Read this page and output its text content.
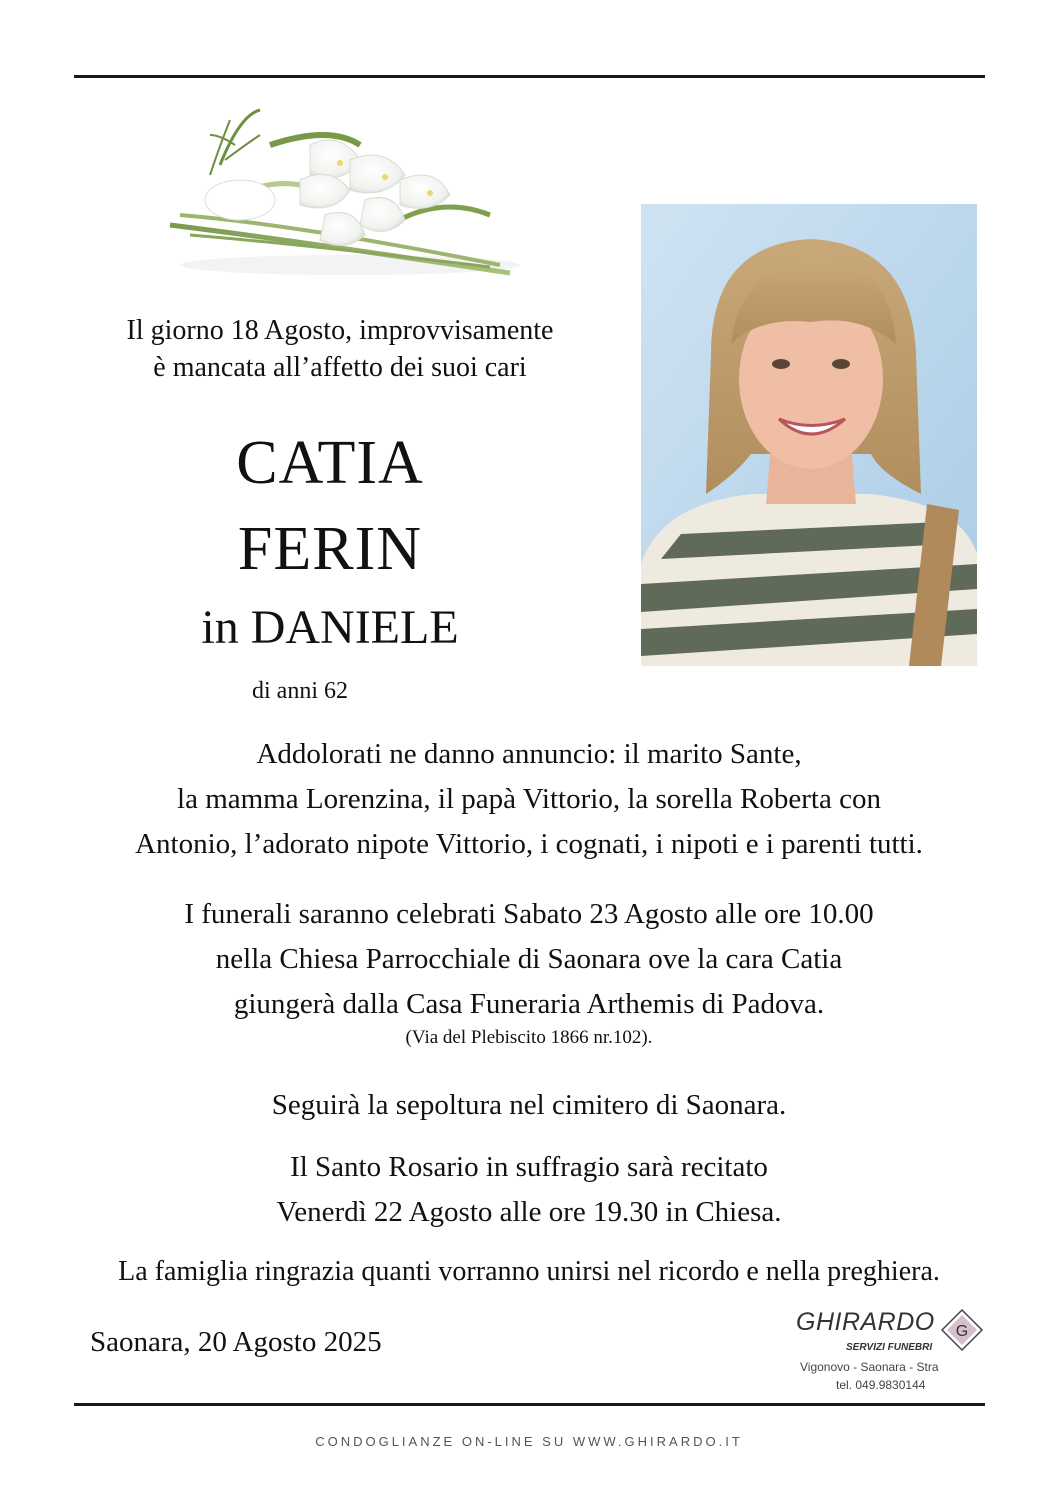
Il giorno 18 Agosto, improvvisamente
è mancata all’affetto dei suoi cari
CATIA
FERIN
in DANIELE
di anni 62
Addolorati ne danno annuncio: il marito Sante,
la mamma Lorenzina, il papà Vittorio, la sorella Roberta con
Antonio, l’adorato nipote Vittorio, i cognati, i nipoti e i parenti tutti.
I funerali saranno celebrati Sabato 23 Agosto alle ore 10.00
nella Chiesa Parrocchiale di Saonara ove la cara Catia
giungerà dalla Casa Funeraria Arthemis di Padova.
(Via del Plebiscito 1866 nr.102).
Seguirà la sepoltura nel cimitero di Saonara.
Il Santo Rosario in suffragio sarà recitato
Venerdì 22 Agosto alle ore 19.30 in Chiesa.
La famiglia ringrazia quanti vorranno unirsi nel ricordo e nella preghiera.
Saonara, 20 Agosto 2025
GHIRARDO
SERVIZI FUNEBRI
G
Vigonovo - Saonara - Stra
tel. 049.9830144
CONDOGLIANZE ON-LINE SU WWW.GHIRARDO.IT
